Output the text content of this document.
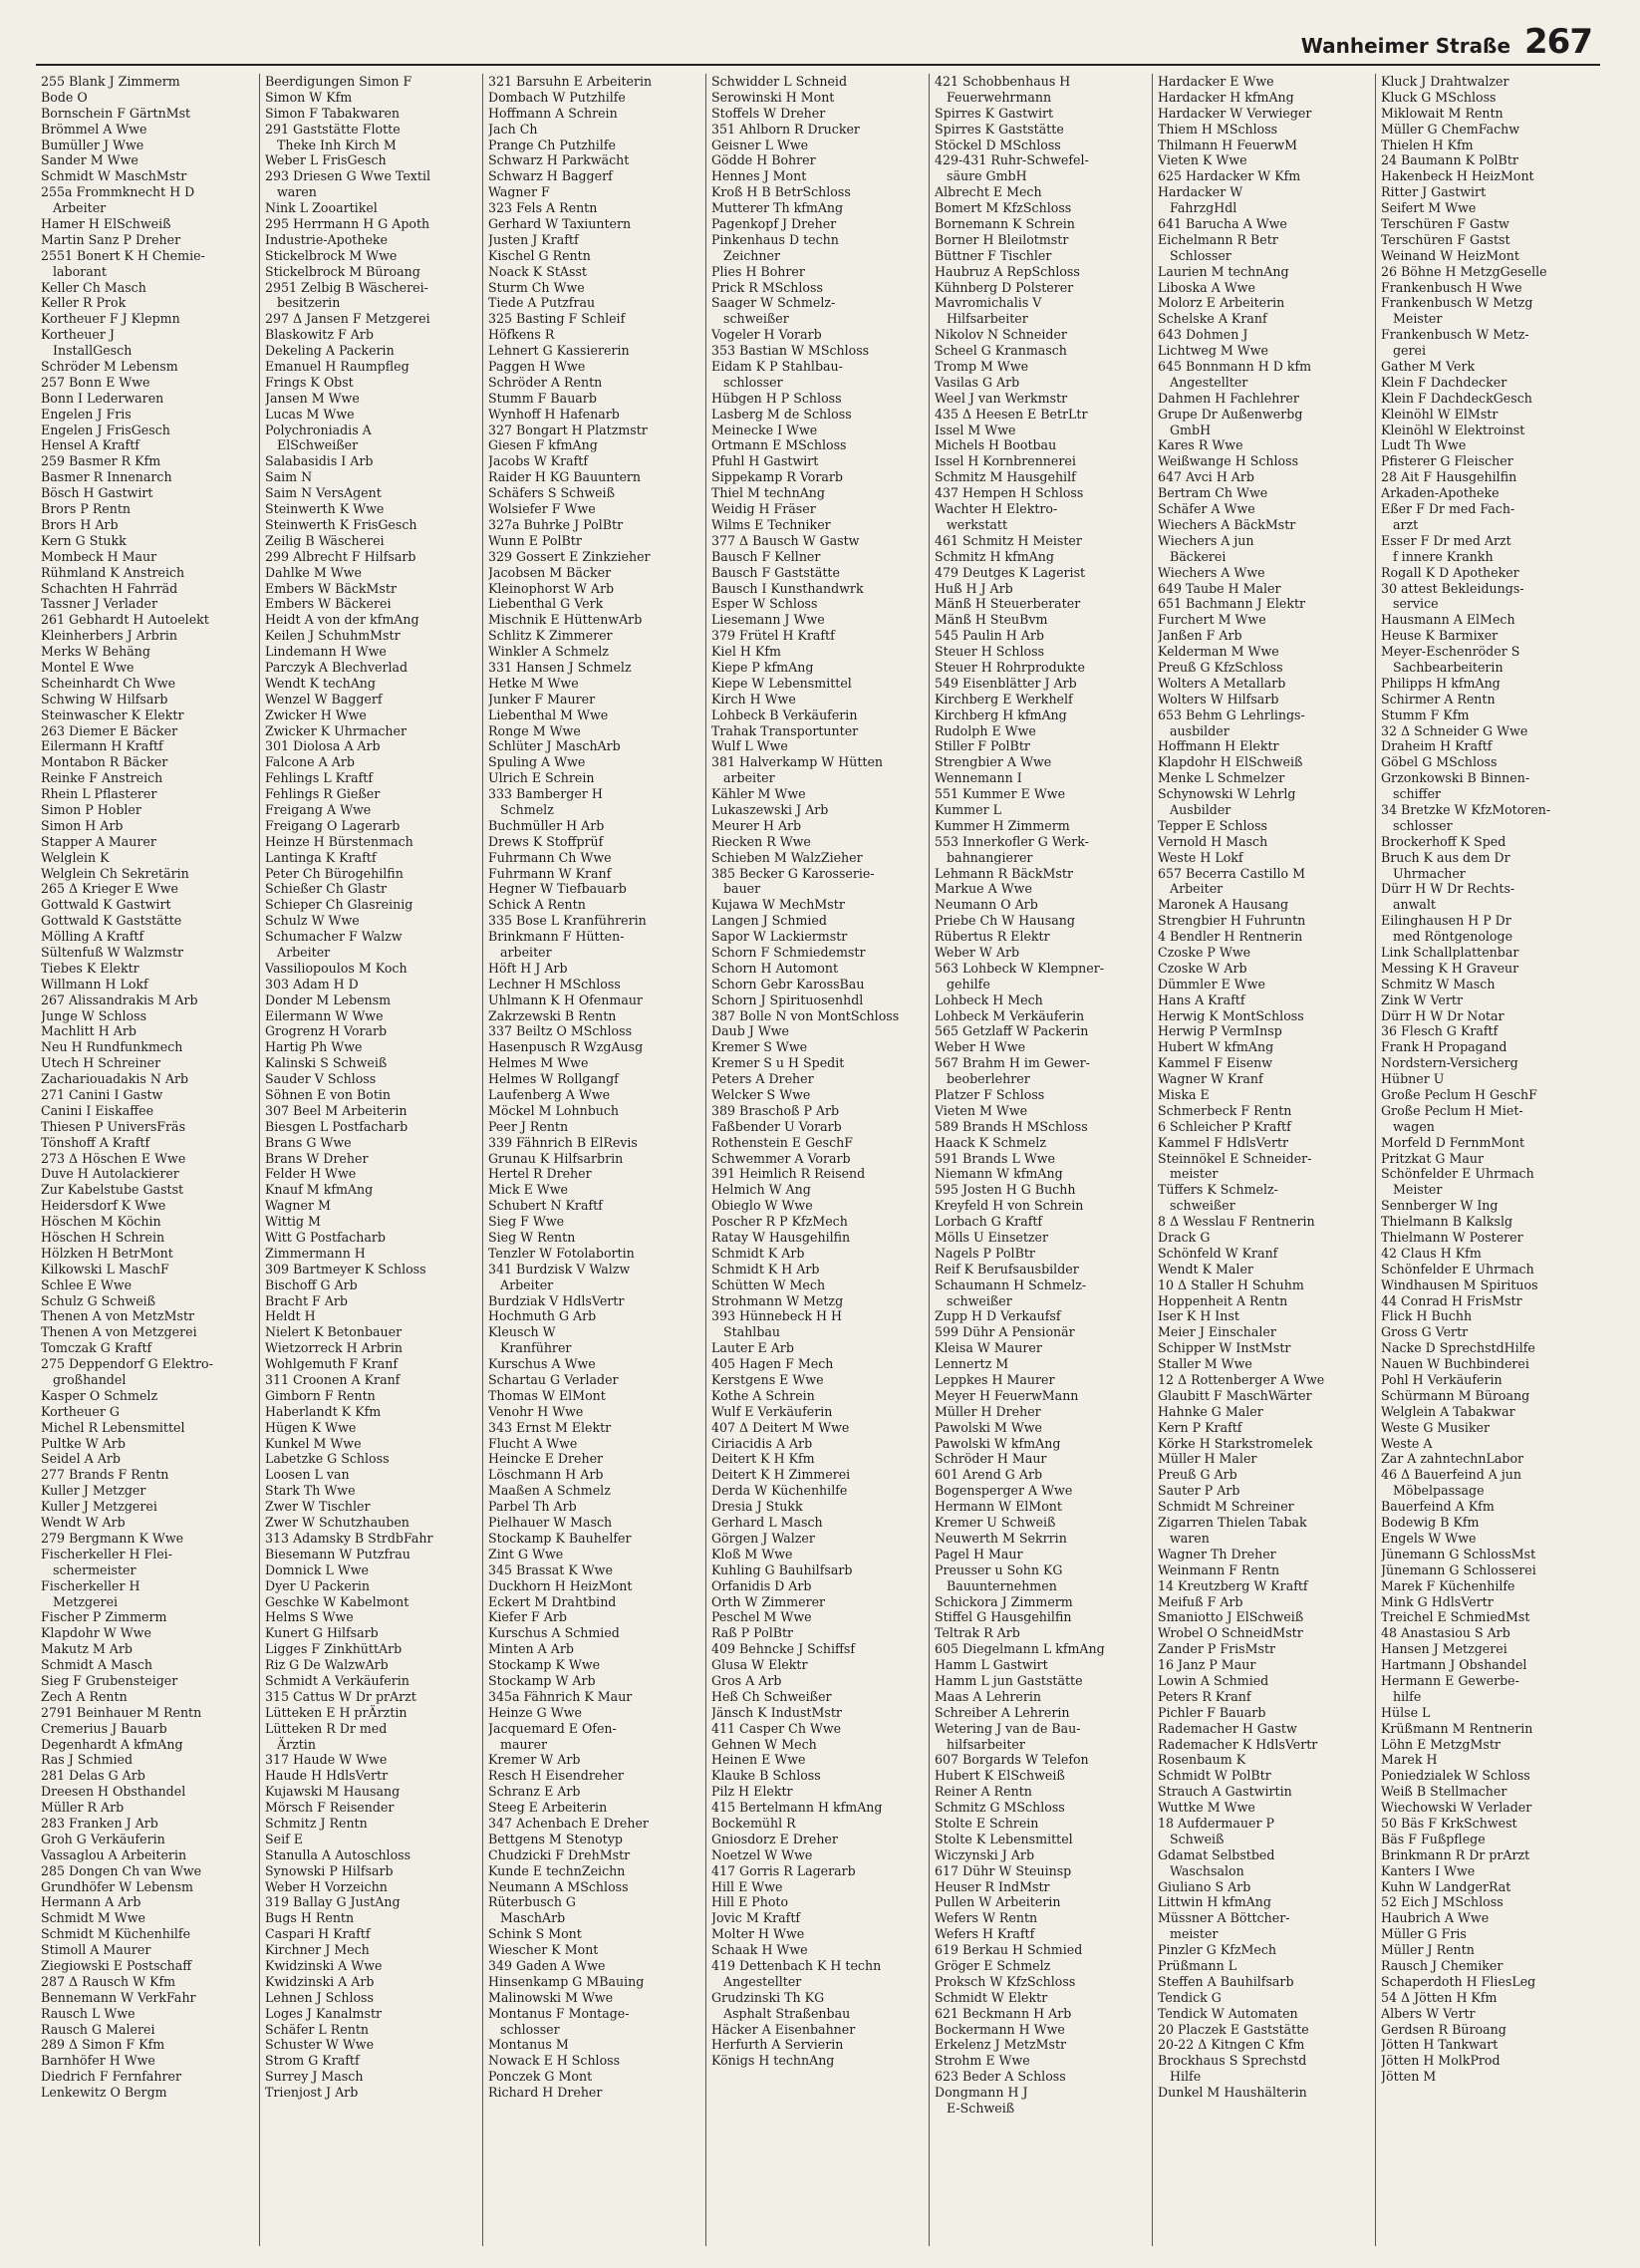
Wanheimer Straße 267
255 Blank J Zimmerm
Bode O
Bornschein F GärtnMst
Brömmel A Wwe
Bumüller J Wwe
Sander M Wwe
Schmidt W MaschMstr
255a Frommknecht H D
Arbeiter
Hamer H ElSchweiß
Martin Sanz P Dreher
2551 Bonert K H Chemie-
laborant
Keller Ch Masch
Keller R Prok
Kortheuer F J Klepmn
Kortheuer J
InstallGesch
Schröder M Lebensm
257 Bonn E Wwe
Bonn I Lederwaren
Engelen J Fris
Engelen J FrisGesch
Hensel A Kraftf
259 Basmer R Kfm
Basmer R Innenarch
Bösch H Gastwirt
Brors P Rentn
Brors H Arb
Kern G Stukk
Mombeck H Maur
Rühmland K Anstreich
Schachten H Fahrräd
Tassner J Verlader
261 Gebhardt H Autoelekt
Kleinherbers J Arbrin
Merks W Behäng
Montel E Wwe
Scheinhardt Ch Wwe
Schwing W Hilfsarb
Steinwascher K Elektr
263 Diemer E Bäcker
Eilermann H Kraftf
Montabon R Bäcker
Reinke F Anstreich
Rhein L Pflasterer
Simon P Hobler
Simon H Arb
Stapper A Maurer
Welglein K
Welglein Ch Sekretärin
265 Δ Krieger E Wwe
Gottwald K Gastwirt
Gottwald K Gaststätte
Mölling A Kraftf
Sültenfuß W Walzmstr
Tiebes K Elektr
Willmann H Lokf
267 Alissandrakis M Arb
Junge W Schloss
Machlitt H Arb
Neu H Rundfunkmech
Utech H Schreiner
Zachariouadakis N Arb
271 Canini I Gastw
Canini I Eiskaffee
Thiesen P UniversFräs
Tönshoff A Kraftf
273 Δ Höschen E Wwe
Duve H Autolackierer
Zur Kabelstube Gastst
Heidersdorf K Wwe
Höschen M Köchin
Höschen H Schrein
Hölzken H BetrMont
Kilkowski L MaschF
Schlee E Wwe
Schulz G Schweiß
Thenen A von MetzMstr
Thenen A von Metzgerei
Tomczak G Kraftf
275 Deppendorf G Elektro-
großhandel
Kasper O Schmelz
Kortheuer G
Michel R Lebensmittel
Pultke W Arb
Seidel A Arb
277 Brands F Rentn
Kuller J Metzger
Kuller J Metzgerei
Wendt W Arb
279 Bergmann K Wwe
Fischerkeller H Flei-
schermeister
Fischerkeller H
Metzgerei
Fischer P Zimmerm
Klapdohr W Wwe
Makutz M Arb
Schmidt A Masch
Sieg F Grubensteiger
Zech A Rentn
2791 Beinhauer M Rentn
Cremerius J Bauarb
Degenhardt A kfmAng
Ras J Schmied
281 Delas G Arb
Dreesen H Obsthandel
Müller R Arb
283 Franken J Arb
Groh G Verkäuferin
Vassaglou A Arbeiterin
285 Dongen Ch van Wwe
Grundhöfer W Lebensm
Hermann A Arb
Schmidt M Wwe
Schmidt M Küchenhilfe
Stimoll A Maurer
Ziegiowski E Postschaff
287 Δ Rausch W Kfm
Bennemann W VerkFahr
Rausch L Wwe
Rausch G Malerei
289 Δ Simon F Kfm
Barnhöfer H Wwe
Diedrich F Fernfahrer
Lenkewitz O Bergm
Beerdigungen Simon F
Simon W Kfm
Simon F Tabakwaren
291 Gaststätte Flotte
Theke Inh Kirch M
Weber L FrisGesch
293 Driesen G Wwe Textil
waren
Nink L Zooartikel
295 Herrmann H G Apoth
Industrie-Apotheke
Stickelbrock M Wwe
Stickelbrock M Büroang
2951 Zelbig B Wäscherei-
besitzerin
297 Δ Jansen F Metzgerei
Blaskowitz F Arb
Dekeling A Packerin
Emanuel H Raumpfleg
Frings K Obst
Jansen M Wwe
Lucas M Wwe
Polychroniadis A
ElSchweißer
Salabasidis I Arb
Saim N
Saim N VersAgent
Steinwerth K Wwe
Steinwerth K FrisGesch
Zeilig B Wäscherei
299 Albrecht F Hilfsarb
Dahlke M Wwe
Embers W BäckMstr
Embers W Bäckerei
Heidt A von der kfmAng
Keilen J SchuhmMstr
Lindemann H Wwe
Parczyk A Blechverlad
Wendt K techAng
Wenzel W Baggerf
Zwicker H Wwe
Zwicker K Uhrmacher
301 Diolosa A Arb
Falcone A Arb
Fehlings L Kraftf
Fehlings R Gießer
Freigang A Wwe
Freigang O Lagerarb
Heinze H Bürstenmach
Lantinga K Kraftf
Peter Ch Bürogehilfin
Schießer Ch Glastr
Schieper Ch Glasreinig
Schulz W Wwe
Schumacher F Walzw
Arbeiter
Vassiliopoulos M Koch
303 Adam H D
Donder M Lebensm
Eilermann W Wwe
Grogrenz H Vorarb
Hartig Ph Wwe
Kalinski S Schweiß
Sauder V Schloss
Söhnen E von Botin
307 Beel M Arbeiterin
Biesgen L Postfacharb
Brans G Wwe
Brans W Dreher
Felder H Wwe
Knauf M kfmAng
Wagner M
Wittig M
Witt G Postfacharb
Zimmermann H
309 Bartmeyer K Schloss
Bischoff G Arb
Bracht F Arb
Heldt H
Nielert K Betonbauer
Wietzorreck H Arbrin
Wohlgemuth F Kranf
311 Croonen A Kranf
Gimborn F Rentn
Haberlandt K Kfm
Hügen K Wwe
Kunkel M Wwe
Labetzke G Schloss
Loosen L van
Stark Th Wwe
Zwer W Tischler
Zwer W Schutzhauben
313 Adamsky B StrdbFahr
Biesemann W Putzfrau
Domnick L Wwe
Dyer U Packerin
Geschke W Kabelmont
Helms S Wwe
Kunert G Hilfsarb
Ligges F ZinkhüttArb
Riz G De WalzwArb
Schmidt A Verkäuferin
315 Cattus W Dr prArzt
Lütteken E H prÄrztin
Lütteken R Dr med
Ärztin
317 Haude W Wwe
Haude H HdlsVertr
Kujawski M Hausang
Mörsch F Reisender
Schmitz J Rentn
Seif E
Stanulla A Autoschloss
Synowski P Hilfsarb
Weber H Vorzeichn
319 Ballay G JustAng
Bugs H Rentn
Caspari H Kraftf
Kirchner J Mech
Kwidzinski A Wwe
Kwidzinski A Arb
Lehnen J Schloss
Loges J Kanalmstr
Schäfer L Rentn
Schuster W Wwe
Strom G Kraftf
Surrey J Masch
Trienjost J Arb
321 Barsuhn E Arbeiterin
Dombach W Putzhilfe
Hoffmann A Schrein
Jach Ch
Prange Ch Putzhilfe
Schwarz H Parkwächt
Schwarz H Baggerf
Wagner F
323 Fels A Rentn
Gerhard W Taxiuntern
Justen J Kraftf
Kischel G Rentn
Noack K StAsst
Sturm Ch Wwe
Tiede A Putzfrau
325 Basting F Schleif
Höfkens R
Lehnert G Kassiererin
Paggen H Wwe
Schröder A Rentn
Stumm F Bauarb
Wynhoff H Hafenarb
327 Bongart H Platzmstr
Giesen F kfmAng
Jacobs W Kraftf
Raider H KG Bauuntern
Schäfers S Schweiß
Wolsiefer F Wwe
327a Buhrke J PolBtr
Wunn E PolBtr
329 Gossert E Zinkzieher
Jacobsen M Bäcker
Kleinophorst W Arb
Liebenthal G Verk
Mischnik E HüttenwArb
Schlitz K Zimmerer
Winkler A Schmelz
331 Hansen J Schmelz
Hetke M Wwe
Junker F Maurer
Liebenthal M Wwe
Ronge M Wwe
Schlüter J MaschArb
Spuling A Wwe
Ulrich E Schrein
333 Bamberger H
Schmelz
Buchmüller H Arb
Drews K Stoffprüf
Fuhrmann Ch Wwe
Fuhrmann W Kranf
Hegner W Tiefbauarb
Schick A Rentn
335 Bose L Kranführerin
Brinkmann F Hütten-
arbeiter
Höft H J Arb
Lechner H MSchloss
Uhlmann K H Ofenmaur
Zakrzewski B Rentn
337 Beiltz O MSchloss
Hasenpusch R WzgAusg
Helmes M Wwe
Helmes W Rollgangf
Laufenberg A Wwe
Möckel M Lohnbuch
Peer J Rentn
339 Fähnrich B ElRevis
Grunau K Hilfsarbrin
Hertel R Dreher
Mick E Wwe
Schubert N Kraftf
Sieg F Wwe
Sieg W Rentn
Tenzler W Fotolabortin
341 Burdzisk V Walzw
Arbeiter
Burdziak V HdlsVertr
Hochmuth G Arb
Kleusch W
Kranführer
Kurschus A Wwe
Schartau G Verlader
Thomas W ElMont
Venohr H Wwe
343 Ernst M Elektr
Flucht A Wwe
Heincke E Dreher
Löschmann H Arb
Maaßen A Schmelz
Parbel Th Arb
Pielhauer W Masch
Stockamp K Bauhelfer
Zint G Wwe
345 Brassat K Wwe
Duckhorn H HeizMont
Eckert M Drahtbind
Kiefer F Arb
Kurschus A Schmied
Minten A Arb
Stockamp K Wwe
Stockamp W Arb
345a Fähnrich K Maur
Heinze G Wwe
Jacquemard E Ofen-
maurer
Kremer W Arb
Resch H Eisendreher
Schranz E Arb
Steeg E Arbeiterin
347 Achenbach E Dreher
Bettgens M Stenotyp
Chudzicki F DrehMstr
Kunde E technZeichn
Neumann A MSchloss
Rüterbusch G
MaschArb
Schink S Mont
Wiescher K Mont
349 Gaden A Wwe
Hinsenkamp G MBauing
Malinowski M Wwe
Montanus F Montage-
schlosser
Montanus M
Nowack E H Schloss
Ponczek G Mont
Richard H Dreher
Schwidder L Schneid
Serowinski H Mont
Stoffels W Dreher
351 Ahlborn R Drucker
Geisner L Wwe
Gödde H Bohrer
Hennes J Mont
Kroß H B BetrSchloss
Mutterer Th kfmAng
Pagenkopf J Dreher
Pinkenhaus D techn
Zeichner
Plies H Bohrer
Prick R MSchloss
Saager W Schmelz-
schweißer
Vogeler H Vorarb
353 Bastian W MSchloss
Eidam K P Stahlbau-
schlosser
Hübgen H P Schloss
Lasberg M de Schloss
Meinecke I Wwe
Ortmann E MSchloss
Pfuhl H Gastwirt
Sippekamp R Vorarb
Thiel M technAng
Weidig H Fräser
Wilms E Techniker
377 Δ Bausch W Gastw
Bausch F Kellner
Bausch F Gaststätte
Bausch I Kunsthandwrk
Esper W Schloss
Liesemann J Wwe
379 Frütel H Kraftf
Kiel H Kfm
Kiepe P kfmAng
Kiepe W Lebensmittel
Kirch H Wwe
Lohbeck B Verkäuferin
Trahak Transportunter
Wulf L Wwe
381 Halverkamp W Hütten
arbeiter
Kähler M Wwe
Lukaszewski J Arb
Meurer H Arb
Riecken R Wwe
Schieben M WalzZieher
385 Becker G Karosserie-
bauer
Kujawa W MechMstr
Langen J Schmied
Sapor W Lackiermstr
Schorn F Schmiedemstr
Schorn H Automont
Schorn Gebr KarossBau
Schorn J Spirituosenhdl
387 Bolle N von MontSchloss
Daub J Wwe
Kremer S Wwe
Kremer S u H Spedit
Peters A Dreher
Welcker S Wwe
389 Braschoß P Arb
Faßbender U Vorarb
Rothenstein E GeschF
Schwemmer A Vorarb
391 Heimlich R Reisend
Helmich W Ang
Obieglo W Wwe
Poscher R P KfzMech
Ratay W Hausgehilfin
Schmidt K Arb
Schmidt K H Arb
Schütten W Mech
Strohmann W Metzg
393 Hünnebeck H H
Stahlbau
Lauter E Arb
405 Hagen F Mech
Kerstgens E Wwe
Kothe A Schrein
Wulf E Verkäuferin
407 Δ Deitert M Wwe
Ciriacidis A Arb
Deitert K H Kfm
Deitert K H Zimmerei
Derda W Küchenhilfe
Dresia J Stukk
Gerhard L Masch
Görgen J Walzer
Kloß M Wwe
Kuhling G Bauhilfsarb
Orfanidis D Arb
Orth W Zimmerer
Peschel M Wwe
Raß P PolBtr
409 Behncke J Schiffsf
Glusa W Elektr
Gros A Arb
Heß Ch Schweißer
Jänsch K IndustMstr
411 Casper Ch Wwe
Gehnen W Mech
Heinen E Wwe
Klauke B Schloss
Pilz H Elektr
415 Bertelmann H kfmAng
Bockemühl R
Gniosdorz E Dreher
Noetzel W Wwe
417 Gorris R Lagerarb
Hill E Wwe
Hill E Photo
Jovic M Kraftf
Molter H Wwe
Schaak H Wwe
419 Dettenbach K H techn
Angestellter
Grudzinski Th KG
Asphalt Straßenbau
Häcker A Eisenbahner
Herfurth A Servierin
Königs H technAng
421 Schobbenhaus H
Feuerwehrmann
Spirres K Gastwirt
Spirres K Gaststätte
Stöckel D MSchloss
429-431 Ruhr-Schwefel-
säure GmbH
Albrecht E Mech
Bomert M KfzSchloss
Bornemann K Schrein
Borner H Bleilotmstr
Büttner F Tischler
Haubruz A RepSchloss
Kühnberg D Polsterer
Mavromichalis V
Hilfsarbeiter
Nikolov N Schneider
Scheel G Kranmasch
Tromp M Wwe
Vasilas G Arb
Weel J van Werkmstr
435 Δ Heesen E BetrLtr
Issel M Wwe
Michels H Bootbau
Issel H Kornbrennerei
Schmitz M Hausgehilf
437 Hempen H Schloss
Wachter H Elektro-
werkstatt
461 Schmitz H Meister
Schmitz H kfmAng
479 Deutges K Lagerist
Huß H J Arb
Mänß H Steuerberater
Mänß H SteuBvm
545 Paulin H Arb
Steuer H Schloss
Steuer H Rohrprodukte
549 Eisenblätter J Arb
Kirchberg E Werkhelf
Kirchberg H kfmAng
Rudolph E Wwe
Stiller F PolBtr
Strengbier A Wwe
Wennemann I
551 Kummer E Wwe
Kummer L
Kummer H Zimmerm
553 Innerkofler G Werk-
bahnangierer
Lehmann R BäckMstr
Markue A Wwe
Neumann O Arb
Priebe Ch W Hausang
Rübertus R Elektr
Weber W Arb
563 Lohbeck W Klempner-
gehilfe
Lohbeck H Mech
Lohbeck M Verkäuferin
565 Getzlaff W Packerin
Weber H Wwe
567 Brahm H im Gewer-
beoberlehrer
Platzer F Schloss
Vieten M Wwe
589 Brands H MSchloss
Haack K Schmelz
591 Brands L Wwe
Niemann W kfmAng
595 Josten H G Buchh
Kreyfeld H von Schrein
Lorbach G Kraftf
Mölls U Einsetzer
Nagels P PolBtr
Reif K Berufsausbilder
Schaumann H Schmelz-
schweißer
Zupp H D Verkaufsf
599 Dühr A Pensionär
Kleisa W Maurer
Lennertz M
Leppkes H Maurer
Meyer H FeuerwMann
Müller H Dreher
Pawolski M Wwe
Pawolski W kfmAng
Schröder H Maur
601 Arend G Arb
Bogensperger A Wwe
Hermann W ElMont
Kremer U Schweiß
Neuwerth M Sekrrin
Pagel H Maur
Preusser u Sohn KG
Bauunternehmen
Schickora J Zimmerm
Stiffel G Hausgehilfin
Teltrak R Arb
605 Diegelmann L kfmAng
Hamm L Gastwirt
Hamm L jun Gaststätte
Maas A Lehrerin
Schreiber A Lehrerin
Wetering J van de Bau-
hilfsarbeiter
607 Borgards W Telefon
Hubert K ElSchweiß
Reiner A Rentn
Schmitz G MSchloss
Stolte E Schrein
Stolte K Lebensmittel
Wiczynski J Arb
617 Dühr W Steuinsp
Heuser R IndMstr
Pullen W Arbeiterin
Wefers W Rentn
Wefers H Kraftf
619 Berkau H Schmied
Gröger E Schmelz
Proksch W KfzSchloss
Schmidt W Elektr
621 Beckmann H Arb
Bockermann H Wwe
Erkelenz J MetzMstr
Strohm E Wwe
623 Beder A Schloss
Dongmann H J
E-Schweiß
Hardacker E Wwe
Hardacker H kfmAng
Hardacker W Verwieger
Thiem H MSchloss
Thilmann H FeuerwM
Vieten K Wwe
625 Hardacker W Kfm
Hardacker W
FahrzgHdl
641 Barucha A Wwe
Eichelmann R Betr
Schlosser
Laurien M technAng
Liboska A Wwe
Molorz E Arbeiterin
Schelske A Kranf
643 Dohmen J
Lichtweg M Wwe
645 Bonnmann H D kfm
Angestellter
Dahmen H Fachlehrer
Grupe Dr Außenwerbg
GmbH
Kares R Wwe
Weißwange H Schloss
647 Avci H Arb
Bertram Ch Wwe
Schäfer A Wwe
Wiechers A BäckMstr
Wiechers A jun
Bäckerei
Wiechers A Wwe
649 Taube H Maler
651 Bachmann J Elektr
Furchert M Wwe
Janßen F Arb
Kelderman M Wwe
Preuß G KfzSchloss
Wolters A Metallarb
Wolters W Hilfsarb
653 Behm G Lehrlings-
ausbilder
Hoffmann H Elektr
Klapdohr H ElSchweiß
Menke L Schmelzer
Schynowski W Lehrlg
Ausbilder
Tepper E Schloss
Vernold H Masch
Weste H Lokf
657 Becerra Castillo M
Arbeiter
Maronek A Hausang
Strengbier H Fuhruntn
4 Bendler H Rentnerin
Czoske P Wwe
Czoske W Arb
Dümmler E Wwe
Hans A Kraftf
Herwig K MontSchloss
Herwig P VermInsp
Hubert W kfmAng
Kammel F Eisenw
Wagner W Kranf
Miska E
Schmerbeck F Rentn
6 Schleicher P Kraftf
Kammel F HdlsVertr
Steinnökel E Schneider-
meister
Tüffers K Schmelz-
schweißer
8 Δ Wesslau F Rentnerin
Drack G
Schönfeld W Kranf
Wendt K Maler
10 Δ Staller H Schuhm
Hoppenheit A Rentn
Iser K H Inst
Meier J Einschaler
Schipper W InstMstr
Staller M Wwe
12 Δ Rottenberger A Wwe
Glaubitt F MaschWärter
Hahnke G Maler
Kern P Kraftf
Körke H Starkstromelek
Müller H Maler
Preuß G Arb
Sauter P Arb
Schmidt M Schreiner
Zigarren Thielen Tabak
waren
Wagner Th Dreher
Weinmann F Rentn
14 Kreutzberg W Kraftf
Meifuß F Arb
Smaniotto J ElSchweiß
Wrobel O SchneidMstr
Zander P FrisMstr
16 Janz P Maur
Lowin A Schmied
Peters R Kranf
Pichler F Bauarb
Rademacher H Gastw
Rademacher K HdlsVertr
Rosenbaum K
Schmidt W PolBtr
Strauch A Gastwirtin
Wuttke M Wwe
18 Aufdermauer P
Schweiß
Gdamat Selbstbed
Waschsalon
Giuliano S Arb
Littwin H kfmAng
Müssner A Böttcher-
meister
Pinzler G KfzMech
Prüßmann L
Steffen A Bauhilfsarb
Tendick G
Tendick W Automaten
20 Placzek E Gaststätte
20-22 Δ Kitngen C Kfm
Brockhaus S Sprechstd
Hilfe
Dunkel M Haushälterin
Kluck J Drahtwalzer
Kluck G MSchloss
Miklowait M Rentn
Müller G ChemFachw
Thielen H Kfm
24 Baumann K PolBtr
Hakenbeck H HeizMont
Ritter J Gastwirt
Seifert M Wwe
Terschüren F Gastw
Terschüren F Gastst
Weinand W HeizMont
26 Böhne H MetzgGeselle
Frankenbusch H Wwe
Frankenbusch W Metzg
Meister
Frankenbusch W Metz-
gerei
Gather M Verk
Klein F Dachdecker
Klein F DachdeckGesch
Kleinöhl W ElMstr
Kleinöhl W Elektroinst
Ludt Th Wwe
Pfisterer G Fleischer
28 Ait F Hausgehilfin
Arkaden-Apotheke
Eßer F Dr med Fach-
arzt
Esser F Dr med Arzt
f innere Krankh
Rogall K D Apotheker
30 attest Bekleidungs-
service
Hausmann A ElMech
Heuse K Barmixer
Meyer-Eschenröder S
Sachbearbeiterin
Philipps H kfmAng
Schirmer A Rentn
Stumm F Kfm
32 Δ Schneider G Wwe
Draheim H Kraftf
Göbel G MSchloss
Grzonkowski B Binnen-
schiffer
34 Bretzke W KfzMotoren-
schlosser
Brockerhoff K Sped
Bruch K aus dem Dr
Uhrmacher
Dürr H W Dr Rechts-
anwalt
Eilinghausen H P Dr
med Röntgenologe
Link Schallplattenbar
Messing K H Graveur
Schmitz W Masch
Zink W Vertr
Dürr H W Dr Notar
36 Flesch G Kraftf
Frank H Propagand
Nordstern-Versicherg
Hübner U
Große Peclum H GeschF
Große Peclum H Miet-
wagen
Morfeld D FernmMont
Pritzkat G Maur
Schönfelder E Uhrmach
Meister
Sennberger W Ing
Thielmann B Kalkslg
Thielmann W Posterer
42 Claus H Kfm
Schönfelder E Uhrmach
Windhausen M Spirituos
44 Conrad H FrisMstr
Flick H Buchh
Gross G Vertr
Nacke D SprechstdHilfe
Nauen W Buchbinderei
Pohl H Verkäuferin
Schürmann M Büroang
Welglein A Tabakwar
Weste G Musiker
Weste A
Zar A zahntechnLabor
46 Δ Bauerfeind A jun
Möbelpassage
Bauerfeind A Kfm
Bodewig B Kfm
Engels W Wwe
Jünemann G SchlossMst
Jünemann G Schlosserei
Marek F Küchenhilfe
Mink G HdlsVertr
Treichel E SchmiedMst
48 Anastasiou S Arb
Hansen J Metzgerei
Hartmann J Obshandel
Hermann E Gewerbe-
hilfe
Hülse L
Krüßmann M Rentnerin
Löhn E MetzgMstr
Marek H
Poniedzialek W Schloss
Weiß B Stellmacher
Wiechowski W Verlader
50 Bäs F KrkSchwest
Bäs F Fußpflege
Brinkmann R Dr prArzt
Kanters I Wwe
Kuhn W LandgerRat
52 Eich J MSchloss
Haubrich A Wwe
Müller G Fris
Müller J Rentn
Rausch J Chemiker
Schaperdoth H FliesLeg
54 Δ Jötten H Kfm
Albers W Vertr
Gerdsen R Büroang
Jötten H Tankwart
Jötten H MolkProd
Jötten M
